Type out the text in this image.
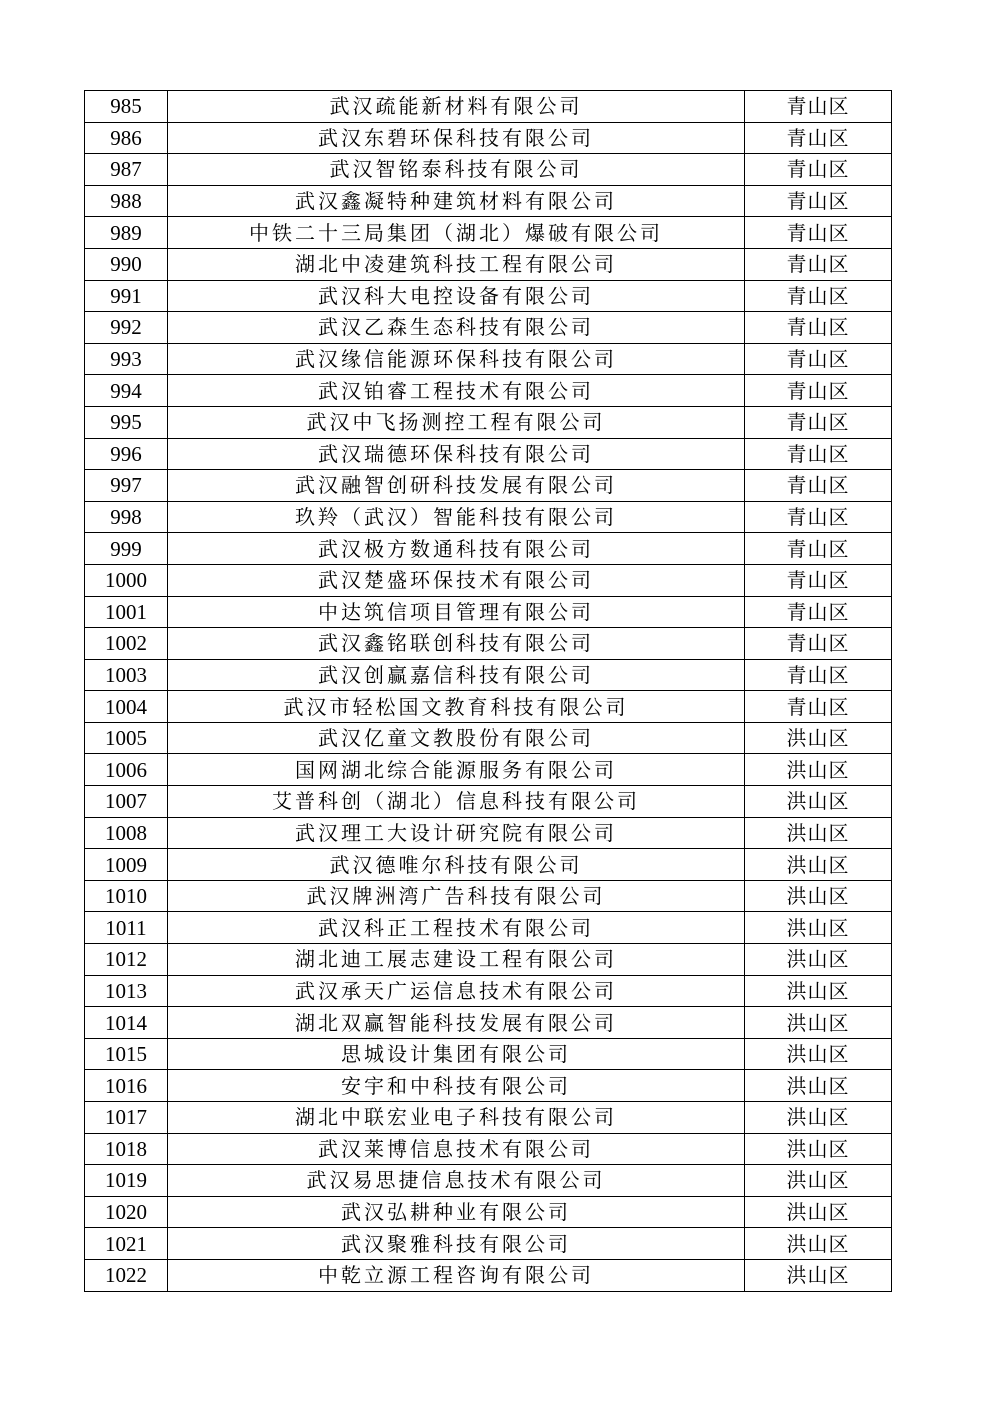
985	武汉疏能新材料有限公司	青山区
986	武汉东碧环保科技有限公司	青山区
987	武汉智铭泰科技有限公司	青山区
988	武汉鑫凝特种建筑材料有限公司	青山区
989	中铁二十三局集团（湖北）爆破有限公司	青山区
990	湖北中凌建筑科技工程有限公司	青山区
991	武汉科大电控设备有限公司	青山区
992	武汉乙森生态科技有限公司	青山区
993	武汉缘信能源环保科技有限公司	青山区
994	武汉铂睿工程技术有限公司	青山区
995	武汉中飞扬测控工程有限公司	青山区
996	武汉瑞德环保科技有限公司	青山区
997	武汉融智创研科技发展有限公司	青山区
998	玖羚（武汉）智能科技有限公司	青山区
999	武汉极方数通科技有限公司	青山区
1000	武汉楚盛环保技术有限公司	青山区
1001	中达筑信项目管理有限公司	青山区
1002	武汉鑫铭联创科技有限公司	青山区
1003	武汉创赢嘉信科技有限公司	青山区
1004	武汉市轻松国文教育科技有限公司	青山区
1005	武汉亿童文教股份有限公司	洪山区
1006	国网湖北综合能源服务有限公司	洪山区
1007	艾普科创（湖北）信息科技有限公司	洪山区
1008	武汉理工大设计研究院有限公司	洪山区
1009	武汉德唯尔科技有限公司	洪山区
1010	武汉牌洲湾广告科技有限公司	洪山区
1011	武汉科正工程技术有限公司	洪山区
1012	湖北迪工展志建设工程有限公司	洪山区
1013	武汉承天广运信息技术有限公司	洪山区
1014	湖北双赢智能科技发展有限公司	洪山区
1015	思城设计集团有限公司	洪山区
1016	安宇和中科技有限公司	洪山区
1017	湖北中联宏业电子科技有限公司	洪山区
1018	武汉莱博信息技术有限公司	洪山区
1019	武汉易思捷信息技术有限公司	洪山区
1020	武汉弘耕种业有限公司	洪山区
1021	武汉聚雅科技有限公司	洪山区
1022	中乾立源工程咨询有限公司	洪山区
